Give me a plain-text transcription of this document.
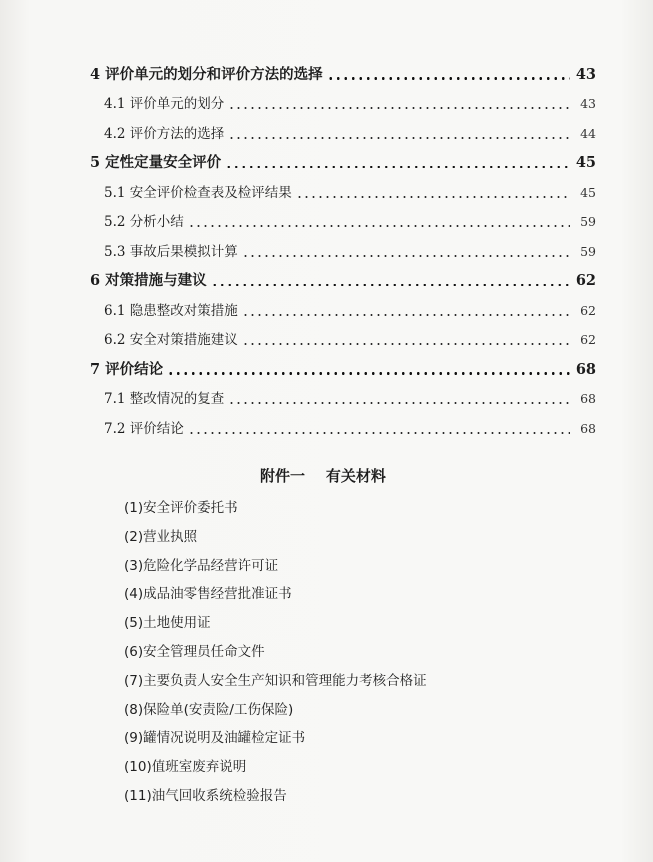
4 评价单元的划分和评价方法的选择	43
4.1 评价单元的划分	43
4.2 评价方法的选择	44
5 定性定量安全评价	45
5.1 安全评价检查表及检评结果	45
5.2 分析小结	59
5.3 事故后果模拟计算	59
6 对策措施与建议	62
6.1 隐患整改对策措施	62
6.2 安全对策措施建议	62
7 评价结论	68
7.1 整改情况的复查	68
7.2 评价结论	68
附件一    有关材料
(1)安全评价委托书
(2)营业执照
(3)危险化学品经营许可证
(4)成品油零售经营批准证书
(5)土地使用证
(6)安全管理员任命文件
(7)主要负责人安全生产知识和管理能力考核合格证
(8)保险单(安责险/工伤保险)
(9)罐情况说明及油罐检定证书
(10)值班室废弃说明
(11)油气回收系统检验报告
